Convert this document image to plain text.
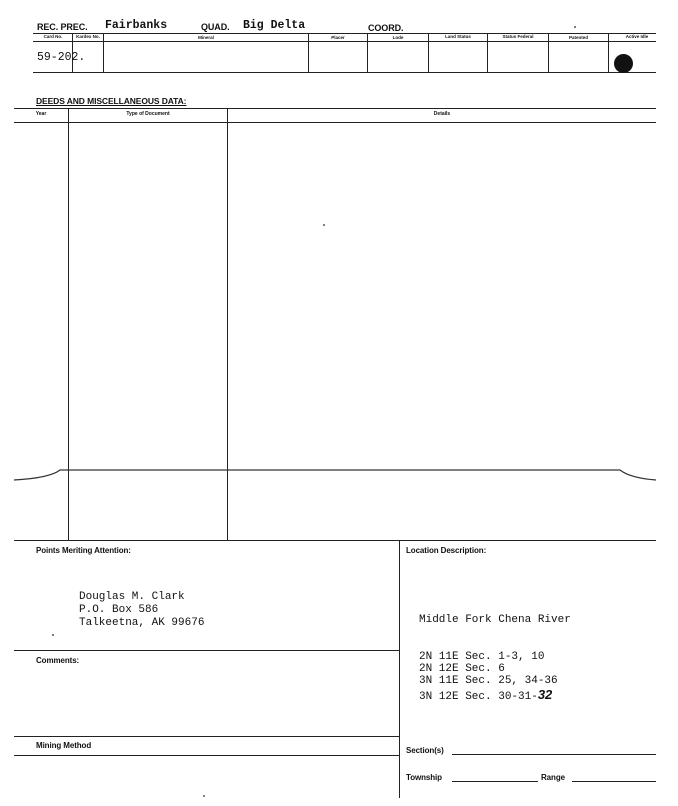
REC. PREC. Fairbanks	QUAD. Big Delta	COORD.
Card No.	Kardex No.	Mineral	Placer	Lode	Land Status	Status Federal	Patented	Active Idle
59-202.
DEEDS AND MISCELLANEOUS DATA:
Year	Type of Document	Details
Points Meriting Attention:
Douglas M. Clark
P.O. Box 586
Talkeetna, AK 99676
Location Description:
Middle Fork Chena River
2N 11E Sec. 1-3, 10
2N 12E Sec. 6
3N 11E Sec. 25, 34-36
3N 12E Sec. 30-31-32
Comments:
Mining Method
Section(s)
Township	Range
